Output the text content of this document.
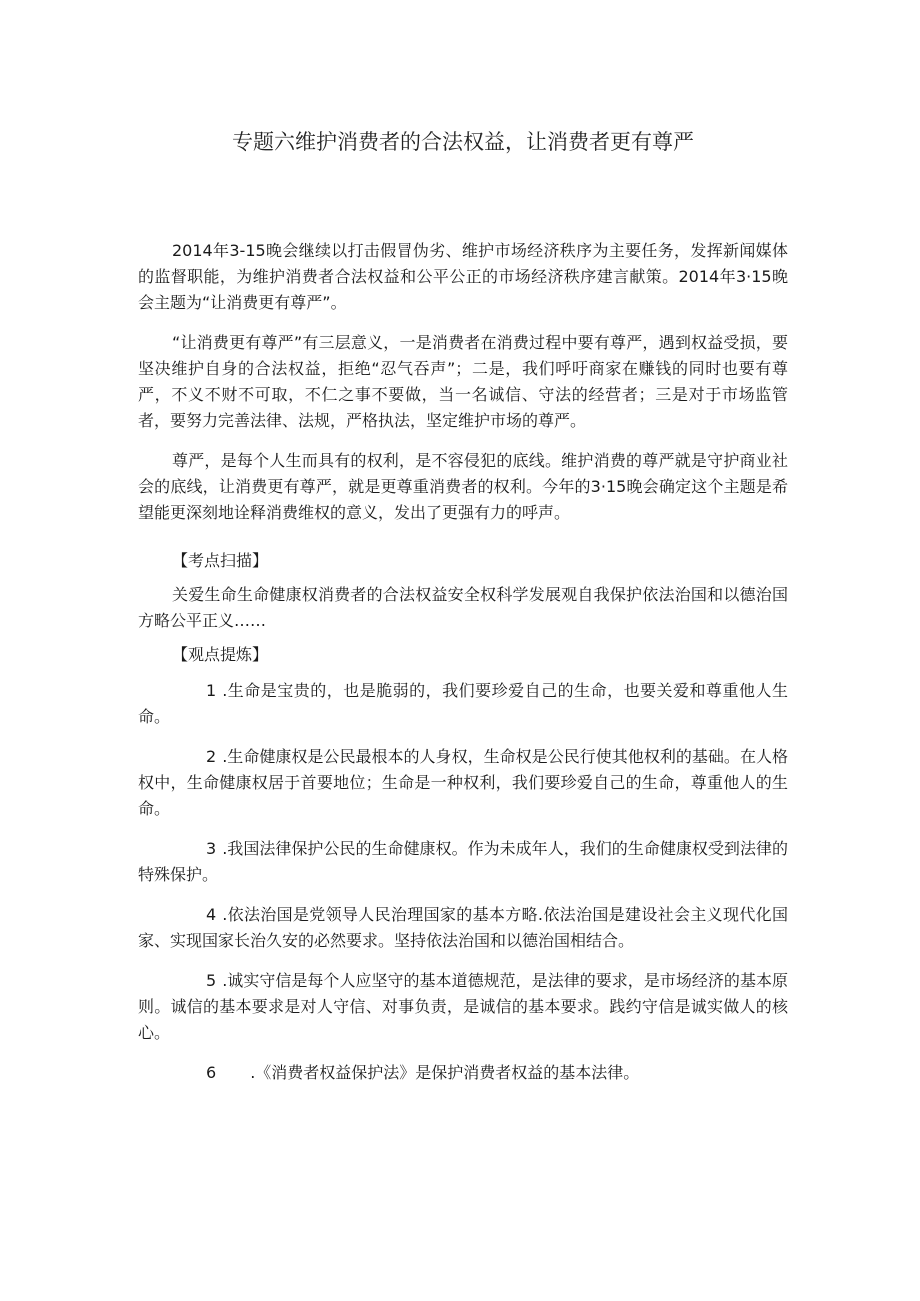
专题六维护消费者的合法权益，让消费者更有尊严

2014年3-15晚会继续以打击假冒伪劣、维护市场经济秩序为主要任务，发挥新闻媒体的监督职能，为维护消费者合法权益和公平公正的市场经济秩序建言献策。2014年3·15晚会主题为“让消费更有尊严”。

“让消费更有尊严”有三层意义，一是消费者在消费过程中要有尊严，遇到权益受损，要坚决维护自身的合法权益，拒绝“忍气吞声”；二是，我们呼吁商家在赚钱的同时也要有尊严，不义不财不可取，不仁之事不要做，当一名诚信、守法的经营者；三是对于市场监管者，要努力完善法律、法规，严格执法，坚定维护市场的尊严。

尊严，是每个人生而具有的权利，是不容侵犯的底线。维护消费的尊严就是守护商业社会的底线，让消费更有尊严，就是更尊重消费者的权利。今年的3·15晚会确定这个主题是希望能更深刻地诠释消费维权的意义，发出了更强有力的呼声。

【考点扫描】

关爱生命生命健康权消费者的合法权益安全权科学发展观自我保护依法治国和以德治国方略公平正义……

【观点提炼】

1 .生命是宝贵的，也是脆弱的，我们要珍爱自己的生命，也要关爱和尊重他人生命。

2 .生命健康权是公民最根本的人身权，生命权是公民行使其他权利的基础。在人格权中，生命健康权居于首要地位；生命是一种权利，我们要珍爱自己的生命，尊重他人的生命。

3 .我国法律保护公民的生命健康权。作为未成年人，我们的生命健康权受到法律的特殊保护。

4 .依法治国是党领导人民治理国家的基本方略.依法治国是建设社会主义现代化国家、实现国家长治久安的必然要求。坚持依法治国和以德治国相结合。

5 .诚实守信是每个人应坚守的基本道德规范，是法律的要求，是市场经济的基本原则。诚信的基本要求是对人守信、对事负责，是诚信的基本要求。践约守信是诚实做人的核心。

6 .《消费者权益保护法》是保护消费者权益的基本法律。
